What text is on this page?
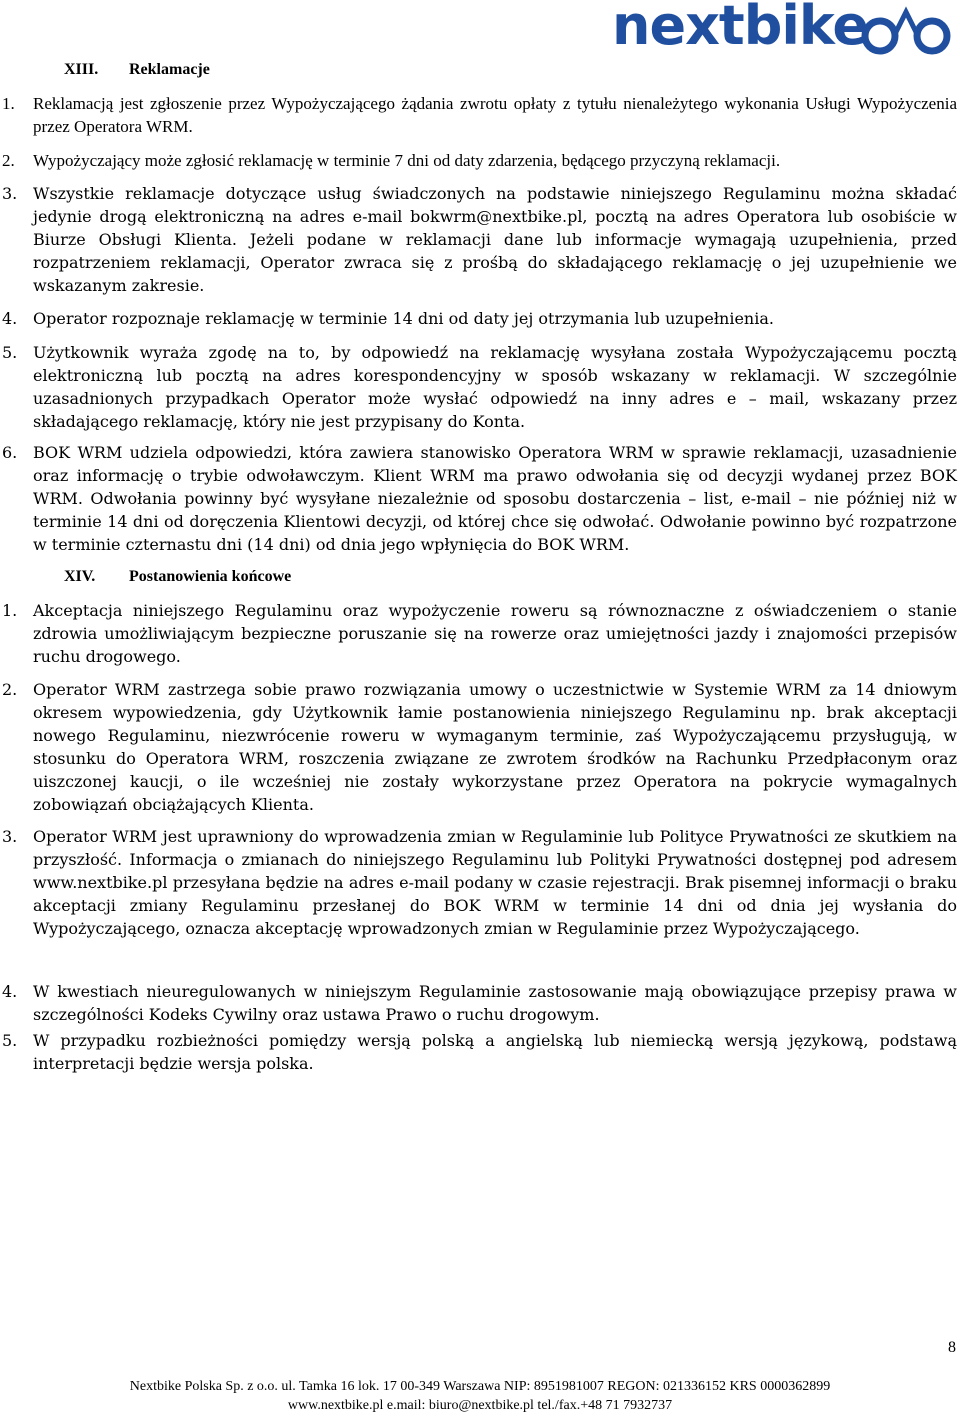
nextbike
XIII. Reklamacje
1. Reklamacją jest zgłoszenie przez Wypożyczającego żądania zwrotu opłaty z tytułu nienależytego wykonania Usługi Wypożyczenia przez Operatora WRM.
2. Wypożyczający może zgłosić reklamację w terminie 7 dni od daty zdarzenia, będącego przyczyną reklamacji.
3. Wszystkie reklamacje dotyczące usług świadczonych na podstawie niniejszego Regulaminu można składać jedynie drogą elektroniczną na adres e-mail bokwrm@nextbike.pl, pocztą na adres Operatora lub osobiście w Biurze Obsługi Klienta. Jeżeli podane w reklamacji dane lub informacje wymagają uzupełnienia, przed rozpatrzeniem reklamacji, Operator zwraca się z prośbą do składającego reklamację o jej uzupełnienie we wskazanym zakresie.
4. Operator rozpoznaje reklamację w terminie 14 dni od daty jej otrzymania lub uzupełnienia.
5. Użytkownik wyraża zgodę na to, by odpowiedź na reklamację wysyłana została Wypożyczającemu pocztą elektroniczną lub pocztą na adres korespondencyjny w sposób wskazany w reklamacji. W szczególnie uzasadnionych przypadkach Operator może wysłać odpowiedź na inny adres e – mail, wskazany przez składającego reklamację, który nie jest przypisany do Konta.
6. BOK WRM udziela odpowiedzi, która zawiera stanowisko Operatora WRM w sprawie reklamacji, uzasadnienie oraz informację o trybie odwoławczym. Klient WRM ma prawo odwołania się od decyzji wydanej przez BOK WRM. Odwołania powinny być wysyłane niezależnie od sposobu dostarczenia – list, e-mail – nie później niż w terminie 14 dni od doręczenia Klientowi decyzji, od której chce się odwołać. Odwołanie powinno być rozpatrzone w terminie czternastu dni (14 dni) od dnia jego wpłynięcia do BOK WRM.
XIV. Postanowienia końcowe
1. Akceptacja niniejszego Regulaminu oraz wypożyczenie roweru są równoznaczne z oświadczeniem o stanie zdrowia umożliwiającym bezpieczne poruszanie się na rowerze oraz umiejętności jazdy i znajomości przepisów ruchu drogowego.
2. Operator WRM zastrzega sobie prawo rozwiązania umowy o uczestnictwie w Systemie WRM za 14 dniowym okresem wypowiedzenia, gdy Użytkownik łamie postanowienia niniejszego Regulaminu np. brak akceptacji nowego Regulaminu, niezwrócenie roweru w wymaganym terminie, zaś Wypożyczającemu przysługują, w stosunku do Operatora WRM, roszczenia związane ze zwrotem środków na Rachunku Przedpłaconym oraz uiszczonej kaucji, o ile wcześniej nie zostały wykorzystane przez Operatora na pokrycie wymagalnych zobowiązań obciążających Klienta.
3. Operator WRM jest uprawniony do wprowadzenia zmian w Regulaminie lub Polityce Prywatności ze skutkiem na przyszłość. Informacja o zmianach do niniejszego Regulaminu lub Polityki Prywatności dostępnej pod adresem www.nextbike.pl przesyłana będzie na adres e-mail podany w czasie rejestracji. Brak pisemnej informacji o braku akceptacji zmiany Regulaminu przesłanej do BOK WRM w terminie 14 dni od dnia jej wysłania do Wypożyczającego, oznacza akceptację wprowadzonych zmian w Regulaminie przez Wypożyczającego.
4. W kwestiach nieuregulowanych w niniejszym Regulaminie zastosowanie mają obowiązujące przepisy prawa w szczególności Kodeks Cywilny oraz ustawa Prawo o ruchu drogowym.
5. W przypadku rozbieżności pomiędzy wersją polską a angielską lub niemiecką wersją językową, podstawą interpretacji będzie wersja polska.
8
Nextbike Polska Sp. z o.o. ul. Tamka 16 lok. 17 00-349 Warszawa NIP: 8951981007 REGON: 021336152 KRS 0000362899
www.nextbike.pl e.mail: biuro@nextbike.pl tel./fax.+48 71 7932737
